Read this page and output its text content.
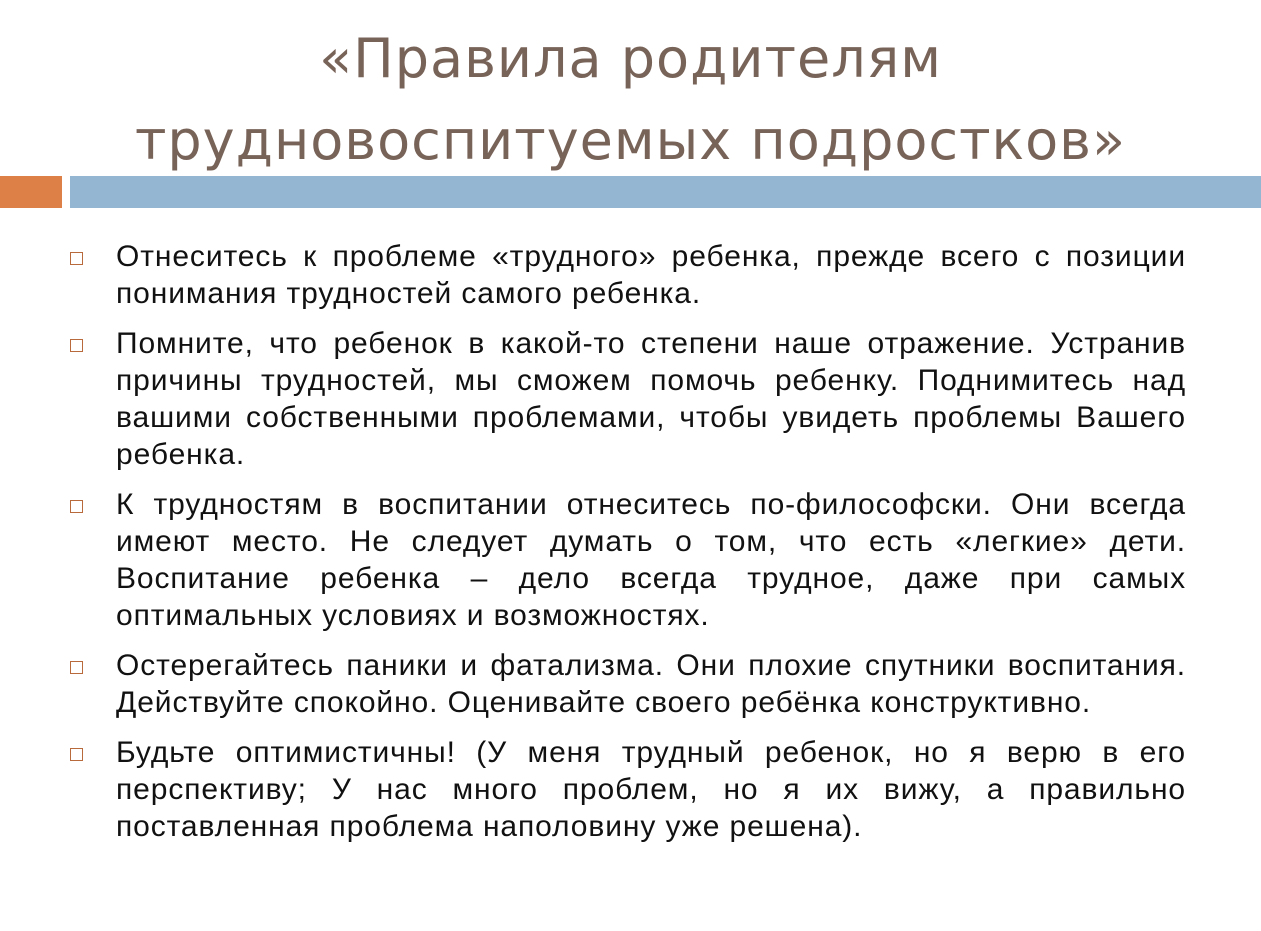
«Правила родителям
трудновоспитуемых подростков»
Отнеситесь к проблеме «трудного» ребенка, прежде всего с позиции понимания трудностей самого ребенка.
Помните, что ребенок в какой-то степени наше отражение. Устранив причины трудностей, мы сможем помочь ребенку. Поднимитесь над вашими собственными проблемами, чтобы увидеть проблемы Вашего ребенка.
К трудностям в воспитании отнеситесь по-философски. Они всегда имеют место. Не следует думать о том, что есть «легкие» дети. Воспитание ребенка – дело всегда трудное, даже при самых оптимальных условиях и возможностях.
Остерегайтесь паники и фатализма. Они плохие спутники воспитания. Действуйте спокойно. Оценивайте своего ребёнка конструктивно.
Будьте оптимистичны! (У меня трудный ребенок, но я верю в его перспективу; У нас много проблем, но я их вижу, а правильно поставленная проблема наполовину уже решена).
